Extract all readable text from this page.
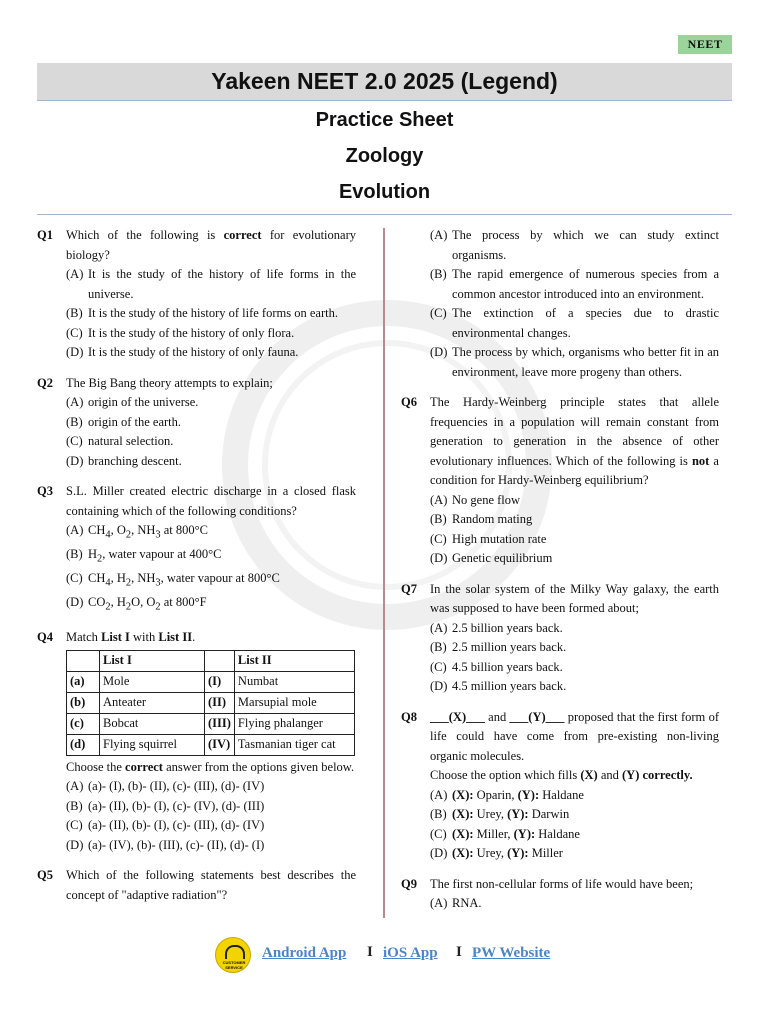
NEET
Yakeen NEET 2.0 2025 (Legend)
Practice Sheet
Zoology
Evolution
Q1 Which of the following is correct for evolutionary biology?
(A) It is the study of the history of life forms in the universe.
(B) It is the study of the history of life forms on earth.
(C) It is the study of the history of only flora.
(D) It is the study of the history of only fauna.
Q2 The Big Bang theory attempts to explain;
(A) origin of the universe.
(B) origin of the earth.
(C) natural selection.
(D) branching descent.
Q3 S.L. Miller created electric discharge in a closed flask containing which of the following conditions?
(A) $CH_4$, $O_2$, $NH_3$ at 800°C
(B) $H_2$, water vapour at 400°C
(C) $CH_4$, $H_2$, $NH_3$, water vapour at 800°C
(D) $CO_2$, $H_2O$, $O_2$ at 800°F
Q4 Match List I with List II.
	List I		List II
(a)	Mole	(I)	Numbat
(b)	Anteater	(II)	Marsupial mole
(c)	Bobcat	(III)	Flying phalanger
(d)	Flying squirrel	(IV)	Tasmanian tiger cat
Choose the correct answer from the options given below.
(A) (a)- (I), (b)- (II), (c)- (III), (d)- (IV)
(B) (a)- (II), (b)- (I), (c)- (IV), (d)- (III)
(C) (a)- (II), (b)- (I), (c)- (III), (d)- (IV)
(D) (a)- (IV), (b)- (III), (c)- (II), (d)- (I)
Q5 Which of the following statements best describes the concept of "adaptive radiation"?
(A) The process by which we can study extinct organisms.
(B) The rapid emergence of numerous species from a common ancestor introduced into an environment.
(C) The extinction of a species due to drastic environmental changes.
(D) The process by which, organisms who better fit in an environment, leave more progeny than others.
Q6 The Hardy-Weinberg principle states that allele frequencies in a population will remain constant from generation to generation in the absence of other evolutionary influences. Which of the following is not a condition for Hardy-Weinberg equilibrium?
(A) No gene flow
(B) Random mating
(C) High mutation rate
(D) Genetic equilibrium
Q7 In the solar system of the Milky Way galaxy, the earth was supposed to have been formed about;
(A) 2.5 billion years back.
(B) 2.5 million years back.
(C) 4.5 billion years back.
(D) 4.5 million years back.
Q8 ___(X)___ and ___(Y)___ proposed that the first form of life could have come from pre-existing non-living organic molecules.
Choose the option which fills (X) and (Y) correctly.
(A) (X): Oparin, (Y): Haldane
(B) (X): Urey, (Y): Darwin
(C) (X): Miller, (Y): Haldane
(D) (X): Urey, (Y): Miller
Q9 The first non-cellular forms of life would have been;
(A) RNA.
CUSTOMER SERVICE
Android App I iOS App I PW Website
